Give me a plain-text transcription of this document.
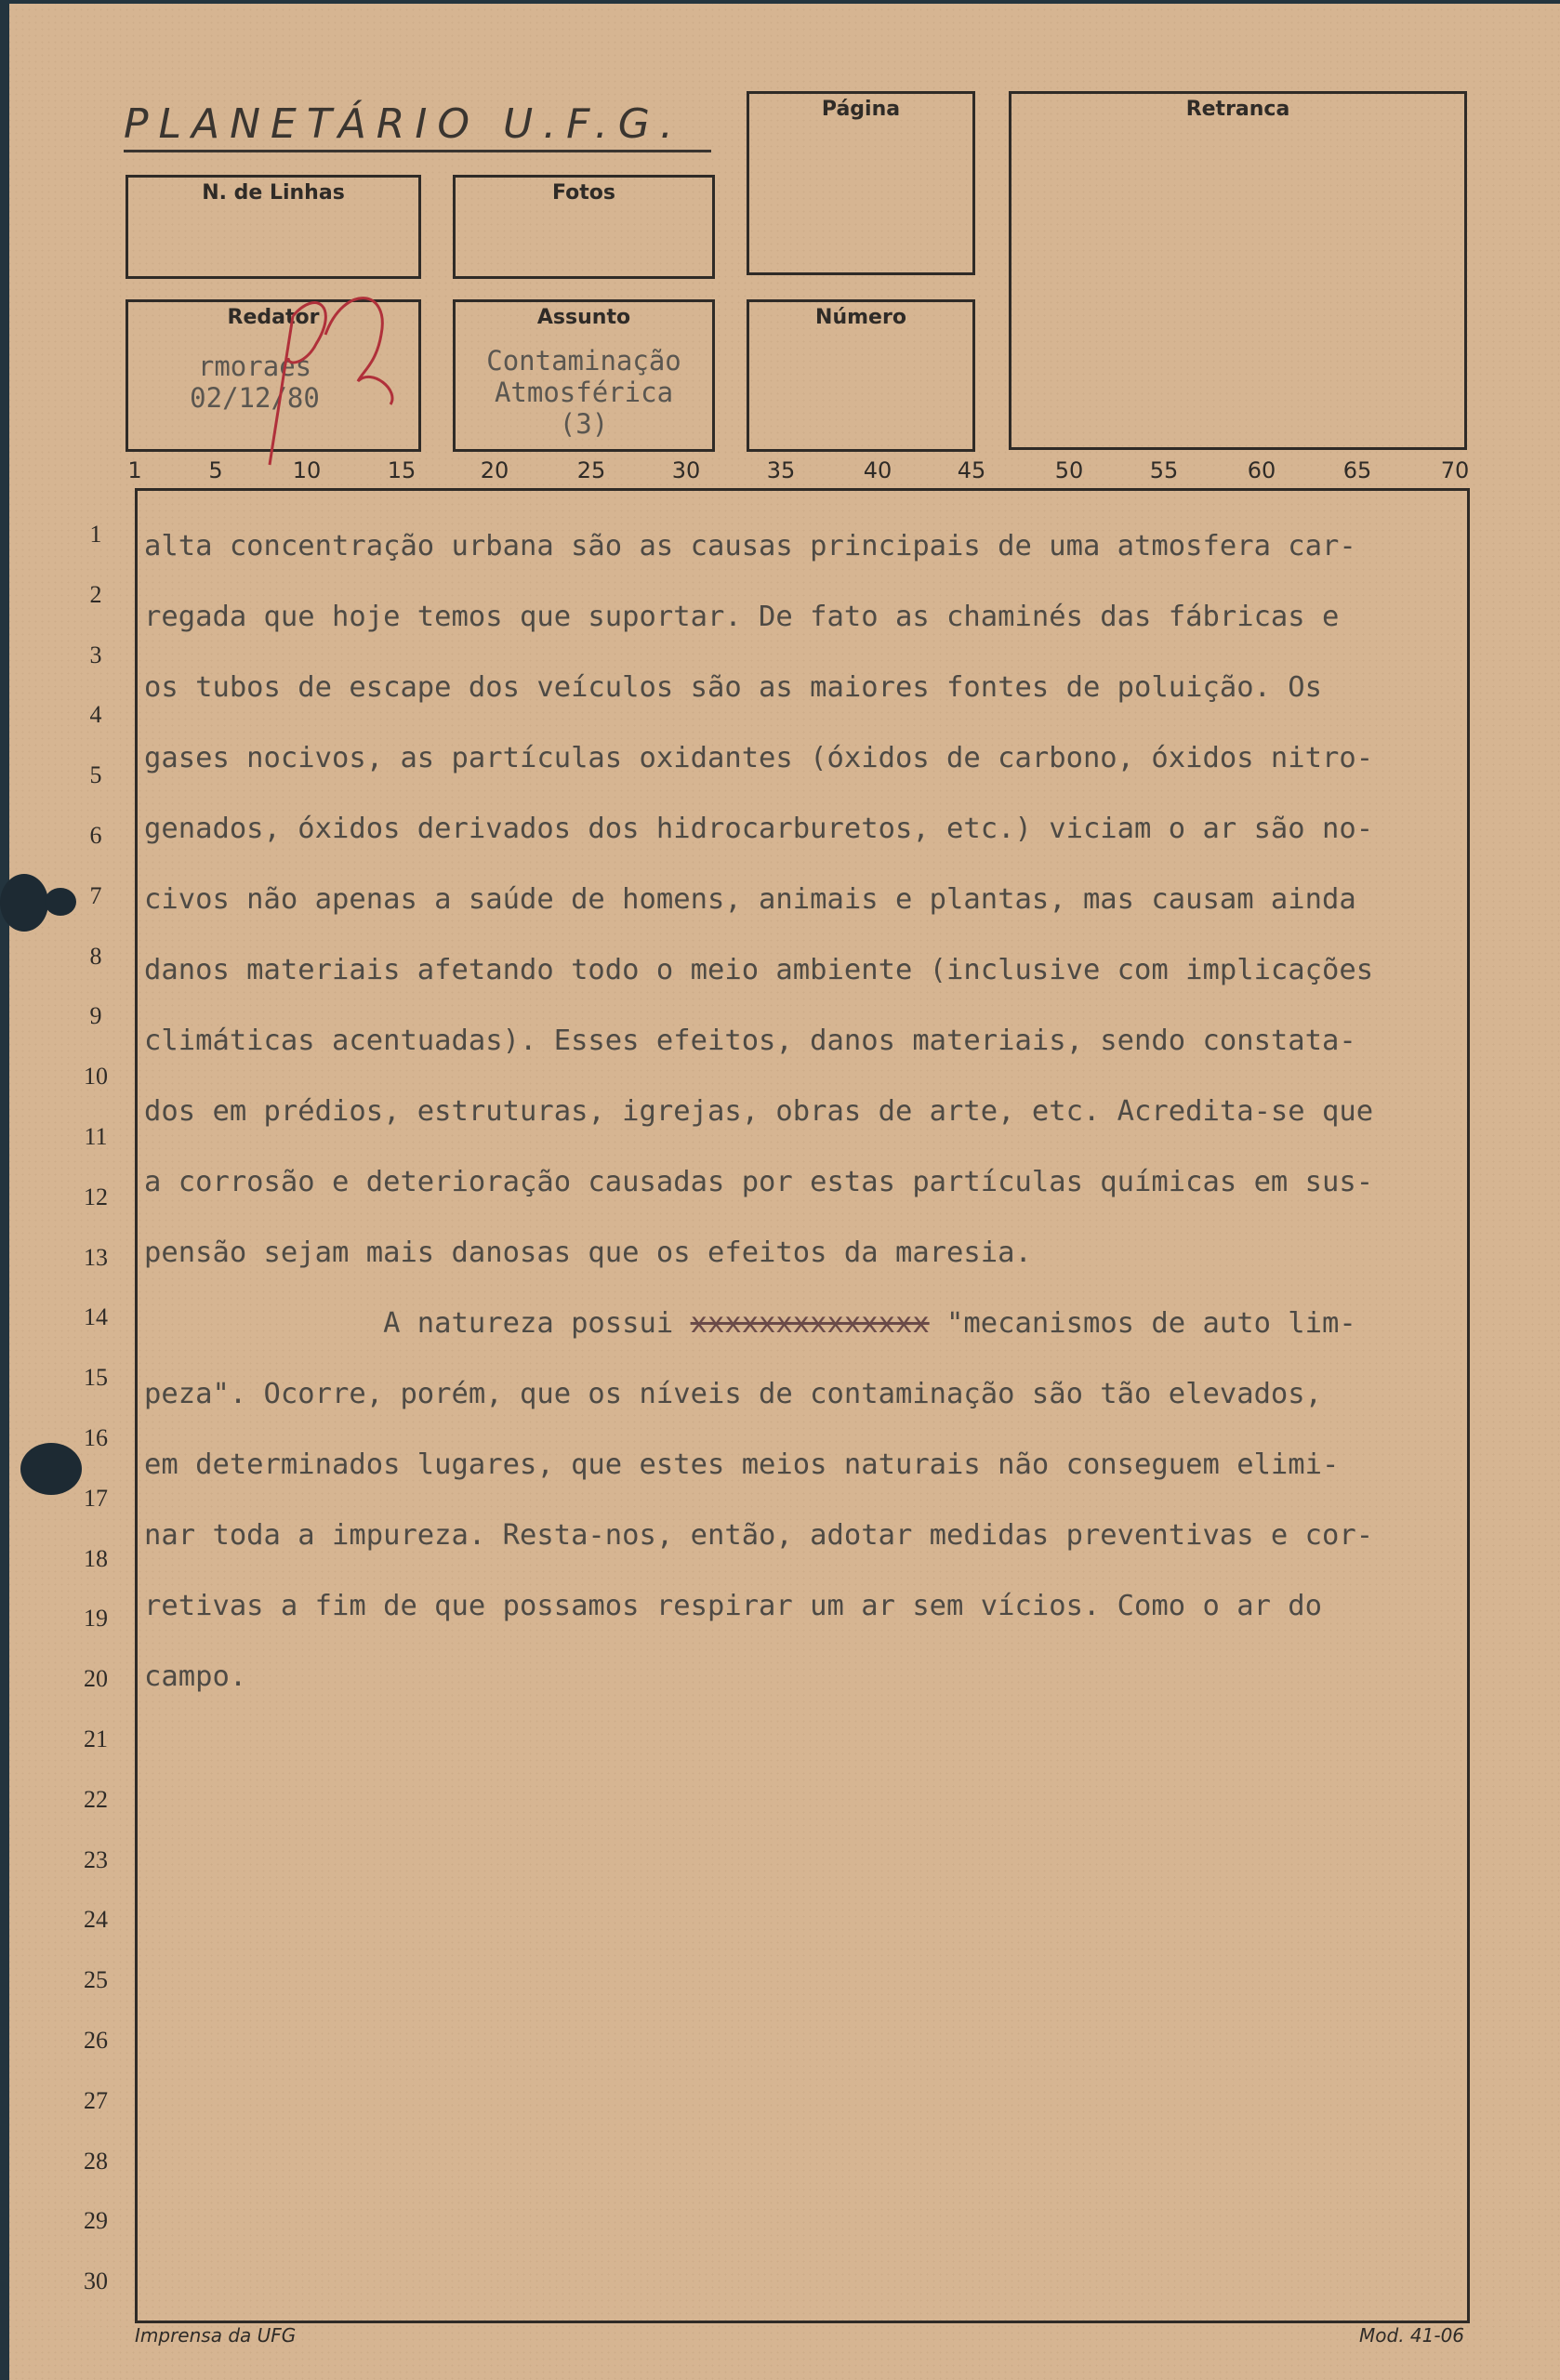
PLANETÁRIO U.F.G.	Página	Retranca
N. de Linhas	Fotos
Redator
rmoraes
02/12/80
Assunto
Contaminação
Atmosférica
(3)
Número
1	5	10	15	20	25	30	35	40	45	50	55	60	65	70
1
2
3
4
5
6
7
8
9
10
11
12
13
14
15
16
17
18
19
20
21
22
23
24
25
26
27
28
29
30
alta concentração urbana são as causas principais de uma atmosfera car-
regada que hoje temos que suportar. De fato as chaminés das fábricas e
os tubos de escape dos veículos são as maiores fontes de poluição. Os
gases nocivos, as partículas oxidantes (óxidos de carbono, óxidos nitro-
genados, óxidos derivados dos hidrocarburetos, etc.) viciam o ar são no-
civos não apenas a saúde de homens, animais e plantas, mas causam ainda
danos materiais afetando todo o meio ambiente (inclusive com implicações
climáticas acentuadas). Esses efeitos, danos materiais, sendo constata-
dos em prédios, estruturas, igrejas, obras de arte, etc. Acredita-se que
a corrosão e deterioração causadas por estas partículas químicas em sus-
pensão sejam mais danosas que os efeitos da maresia.
A natureza possui xxxxxxxxxxxxxx "mecanismos de auto lim-
peza". Ocorre, porém, que os níveis de contaminação são tão elevados,
em determinados lugares, que estes meios naturais não conseguem elimi-
nar toda a impureza. Resta-nos, então, adotar medidas preventivas e cor-
retivas a fim de que possamos respirar um ar sem vícios. Como o ar do
campo.
Imprensa da UFG	Mod. 41-06
